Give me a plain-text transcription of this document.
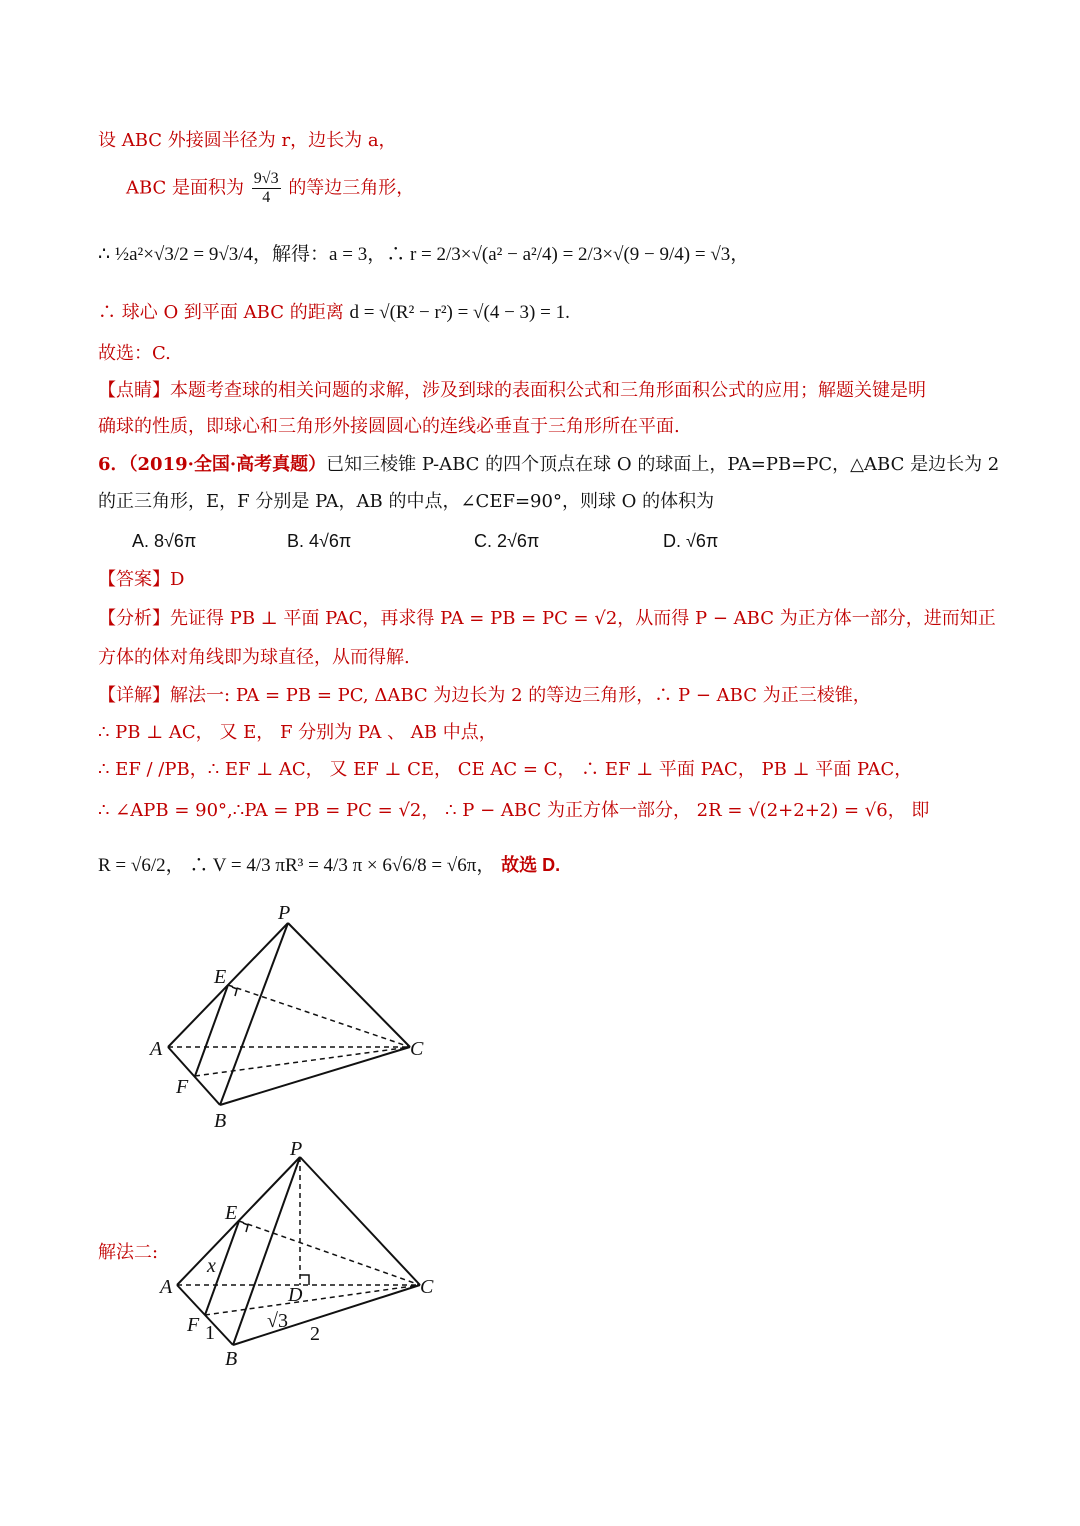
设 ABC 外接圆半径为 r，边长为 a，
ABC 是面积为 $\frac{9√3}{4}$ 的等边三角形，
∴ ½a²×√3/2 = 9√3/4，解得：a = 3，∴ r = 2/3×√(a² − a²/4) = 2/3×√(9 − 9/4) = √3，
∴ 球心 O 到平面 ABC 的距离 d = √(R² − r²) = √(4 − 3) = 1.
故选：C.
【点睛】本题考查球的相关问题的求解，涉及到球的表面积公式和三角形面积公式的应用；解题关键是明
确球的性质，即球心和三角形外接圆圆心的连线必垂直于三角形所在平面.
6．（2019·全国·高考真题）已知三棱锥 P-ABC 的四个顶点在球 O 的球面上，PA=PB=PC，△ABC 是边长为 2
的正三角形，E，F 分别是 PA，AB 的中点，∠CEF=90°，则球 O 的体积为
A. 8√6π	B. 4√6π	C. 2√6π	D. √6π
【答案】D
【分析】先证得 PB ⊥ 平面 PAC，再求得 PA = PB = PC = √2，从而得 P − ABC 为正方体一部分，进而知正
方体的体对角线即为球直径，从而得解.
【详解】解法一: PA = PB = PC, ΔABC 为边长为 2 的等边三角形，∴ P − ABC 为正三棱锥，
∴ PB ⊥ AC， 又 E， F 分别为 PA 、 AB 中点，
∴ EF / /PB，∴ EF ⊥ AC， 又 EF ⊥ CE， CE AC = C， ∴ EF ⊥ 平面 PAC， PB ⊥ 平面 PAC，
∴ ∠APB = 90°,∴PA = PB = PC = √2， ∴ P − ABC 为正方体一部分， 2R = √(2+2+2) = √6， 即
R = √6/2， ∴ V = 4/3 πR³ = 4/3 π × 6√6/8 = √6π， 故选 D.
P
E
A	C
F
B
解法二:
P
E
A	C
F
B
D
x
1
√3
2
